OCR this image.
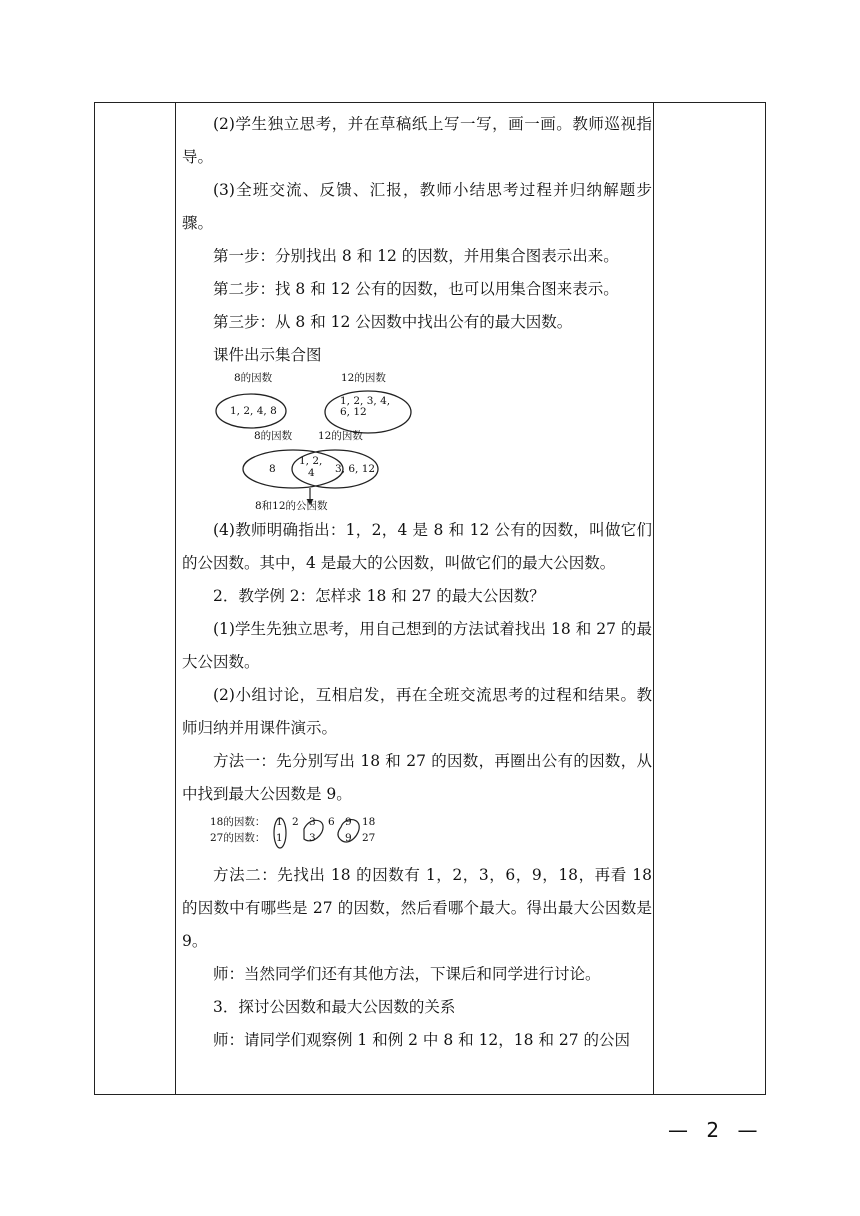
(2)学生独立思考，并在草稿纸上写一写，画一画。教师巡视指导。

(3)全班交流、反馈、汇报，教师小结思考过程并归纳解题步骤。

第一步：分别找出 8 和 12 的因数，并用集合图表示出来。

第二步：找 8 和 12 公有的因数，也可以用集合图来表示。

第三步：从 8 和 12 公因数中找出公有的最大因数。

课件出示集合图

8的因数
1, 2, 4, 8
12的因数
1, 2, 3, 4,
6, 12
8的因数 12的因数
8
1, 2,
4 3, 6, 12
8和12的公因数

(4)教师明确指出：1，2，4 是 8 和 12 公有的因数，叫做它们的公因数。其中，4 是最大的公因数，叫做它们的最大公因数。

2．教学例 2：怎样求 18 和 27 的最大公因数？

(1)学生先独立思考，用自己想到的方法试着找出 18 和 27 的最大公因数。

(2)小组讨论，互相启发，再在全班交流思考的过程和结果。教师归纳并用课件演示。

方法一：先分别写出 18 和 27 的因数，再圈出公有的因数，从中找到最大公因数是 9。

18的因数： 1 2 3 6 9 18
27的因数： 1	3	9 27

方法二：先找出 18 的因数有 1，2，3，6，9，18，再看 18 的因数中有哪些是 27 的因数，然后看哪个最大。得出最大公因数是 9。

师：当然同学们还有其他方法，下课后和同学进行讨论。

3．探讨公因数和最大公因数的关系

师：请同学们观察例 1 和例 2 中 8 和 12，18 和 27 的公因

— 2 —
